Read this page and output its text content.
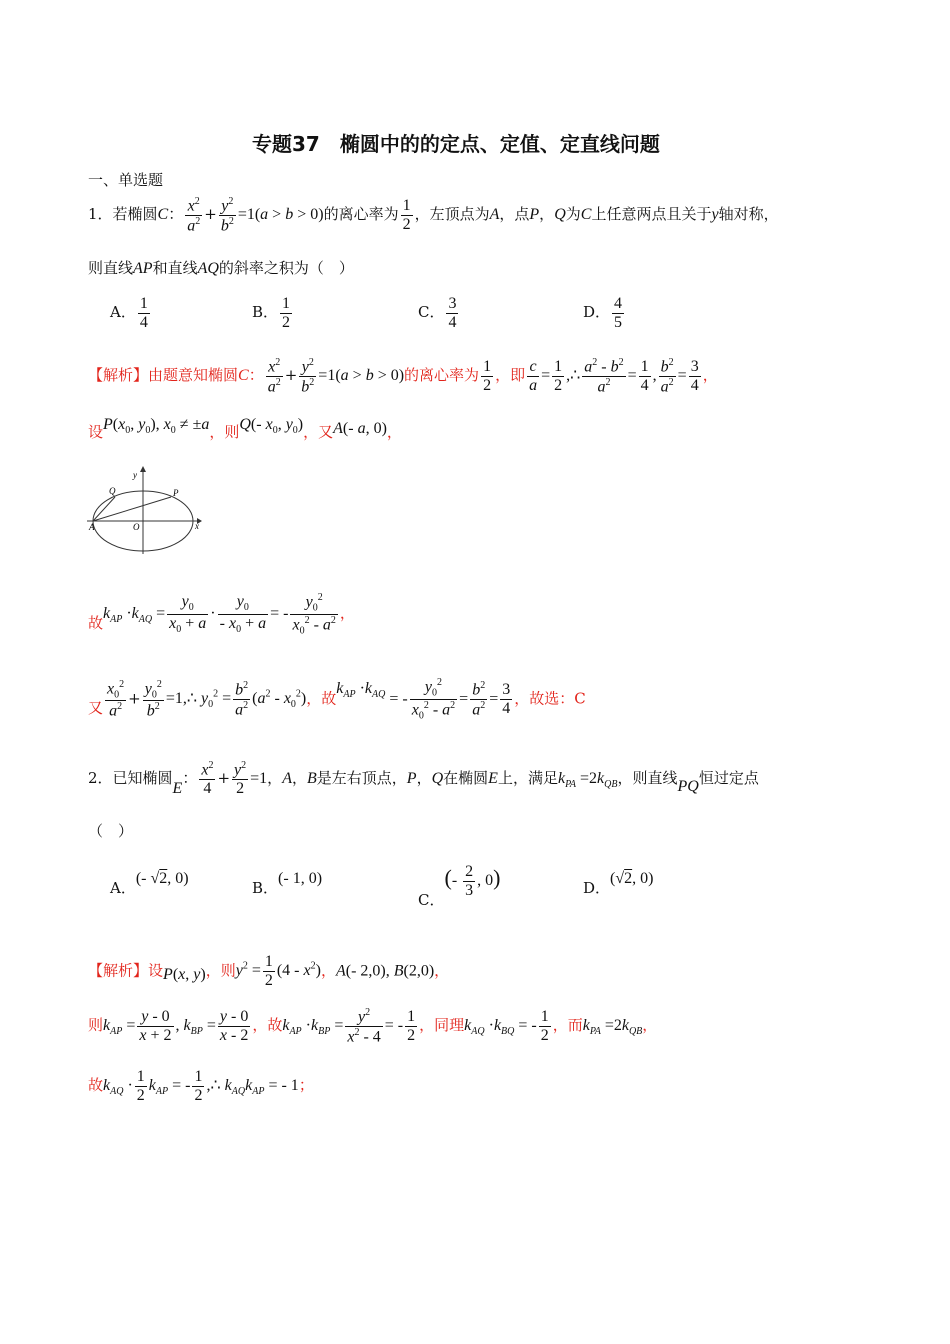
专题37　椭圆中的的定点、定值、定直线问题
一、单选题
1．若椭圆C： $\frac{x^2}{a^2} + \frac{y^2}{b^2} =1(a > b > 0)$的离心率为 $\frac{1}{2}$ ，左顶点为A，点P，Q为C上任意两点且关于y轴对称，
则直线AP和直线AQ的斜率之积为（　）
A． $\frac{1}{4}$	B． $\frac{1}{2}$	C． $\frac{3}{4}$	D． $\frac{4}{5}$
【解析】由题意知椭圆C： $\frac{x^2}{a^2} + \frac{y^2}{b^2} =1(a > b > 0)$的离心率为 $\frac{1}{2}$ ，即 $\frac{c}{a} = \frac{1}{2}$ ,∴ $\frac{a^2 - b^2}{a^2} = \frac{1}{4}$ , $\frac{b^2}{a^2} = \frac{3}{4}$ ，
设$P(x_0$, $y_0$), $x_0 \ne \pm a$，则Q(- $x_0$, $y_0$)，又A(- a, 0)，
y
x
O
A
P
Q
故$k_{AP} \cdot k_{AQ} = \frac{y_0}{x_0 + a} \cdot \frac{y_0}{- x_0 + a}$ = - $\frac{y_0^2}{x_0^2 - a^2}$ ，
又 $\frac{x_0^2}{a^2} + \frac{y_0^2}{b^2}$ =1,∴ $y_0^2 = \frac{b^2}{a^2} (a^2 - x_0^2)$，故$k_{AP} \cdot k_{AQ}$ = - $\frac{y_0^2}{x_0^2 - a^2} = \frac{b^2}{a^2} = \frac{3}{4}$ ，故选：C
2．已知椭圆E： $\frac{x^2}{4} + \frac{y^2}{2} =1$，A，B是左右顶点，P，Q在椭圆E上，满足$k_{PA} =2k_{QB}$，则直线PQ恒过定点
（　）
A．(- √2, 0)
B．(- 1, 0)
C．(- $\frac{2}{3}$ , 0)	D．(√2, 0)
【解析】设P(x, y)，则$y^2 = \frac{1}{2} (4 - x^2)$，A(- 2,0), B(2,0)，
则$k_{AP} = \frac{y - 0}{x + 2}$ , $k_{BP} = \frac{y - 0}{x - 2}$ ，故$k_{AP} \cdot k_{BP} = \frac{y^2}{x^2 - 4}$ = - $\frac{1}{2}$ ，同理$k_{AQ} \cdot k_{BQ}$ = - $\frac{1}{2}$ ，而$k_{PA} =2k_{QB}$，
故$k_{AQ} \cdot \frac{1}{2} k_{AP}$ = - $\frac{1}{2}$ ,∴ $k_{AQ}k_{AP}$ = - 1；
